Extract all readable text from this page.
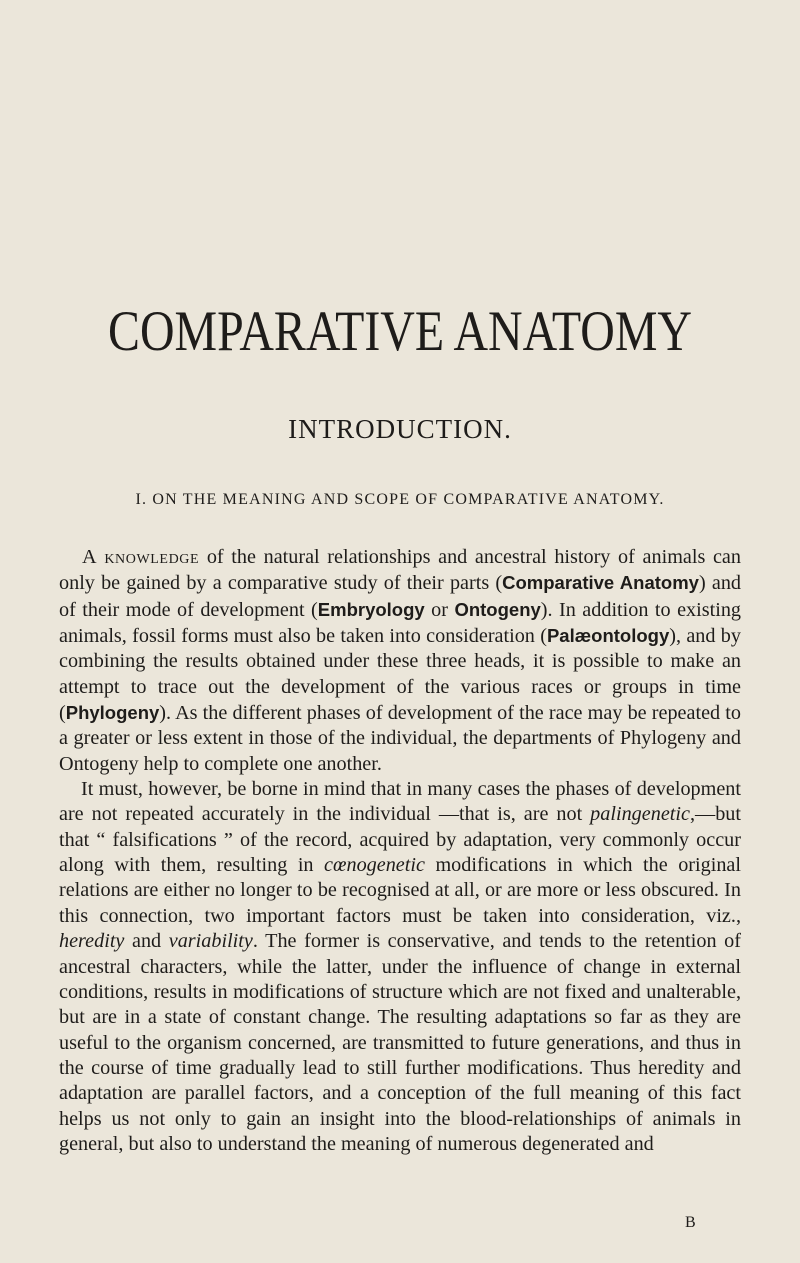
COMPARATIVE ANATOMY
INTRODUCTION.
I. ON THE MEANING AND SCOPE OF COMPARATIVE ANATOMY.

A knowledge of the natural relationships and ancestral history of animals can only be gained by a comparative study of their parts (Comparative Anatomy) and of their mode of development (Embryology or Ontogeny). In addition to existing animals, fossil forms must also be taken into consideration (Palæontology), and by combining the results obtained under these three heads, it is possible to make an attempt to trace out the development of the various races or groups in time (Phylogeny). As the different phases of development of the race may be repeated to a greater or less extent in those of the individual, the departments of Phylogeny and Ontogeny help to complete one another.

It must, however, be borne in mind that in many cases the phases of development are not repeated accurately in the individual —that is, are not palingenetic,—but that “ falsifications ” of the record, acquired by adaptation, very commonly occur along with them, resulting in cœnogenetic modifications in which the original relations are either no longer to be recognised at all, or are more or less obscured. In this connection, two important factors must be taken into consideration, viz., heredity and variability. The former is conservative, and tends to the retention of ancestral characters, while the latter, under the influence of change in external conditions, results in modifications of structure which are not fixed and unalterable, but are in a state of constant change. The resulting adaptations so far as they are useful to the organism concerned, are transmitted to future generations, and thus in the course of time gradually lead to still further modifications. Thus heredity and adaptation are parallel factors, and a conception of the full meaning of this fact helps us not only to gain an insight into the blood-relationships of animals in general, but also to understand the meaning of numerous degenerated and

B
